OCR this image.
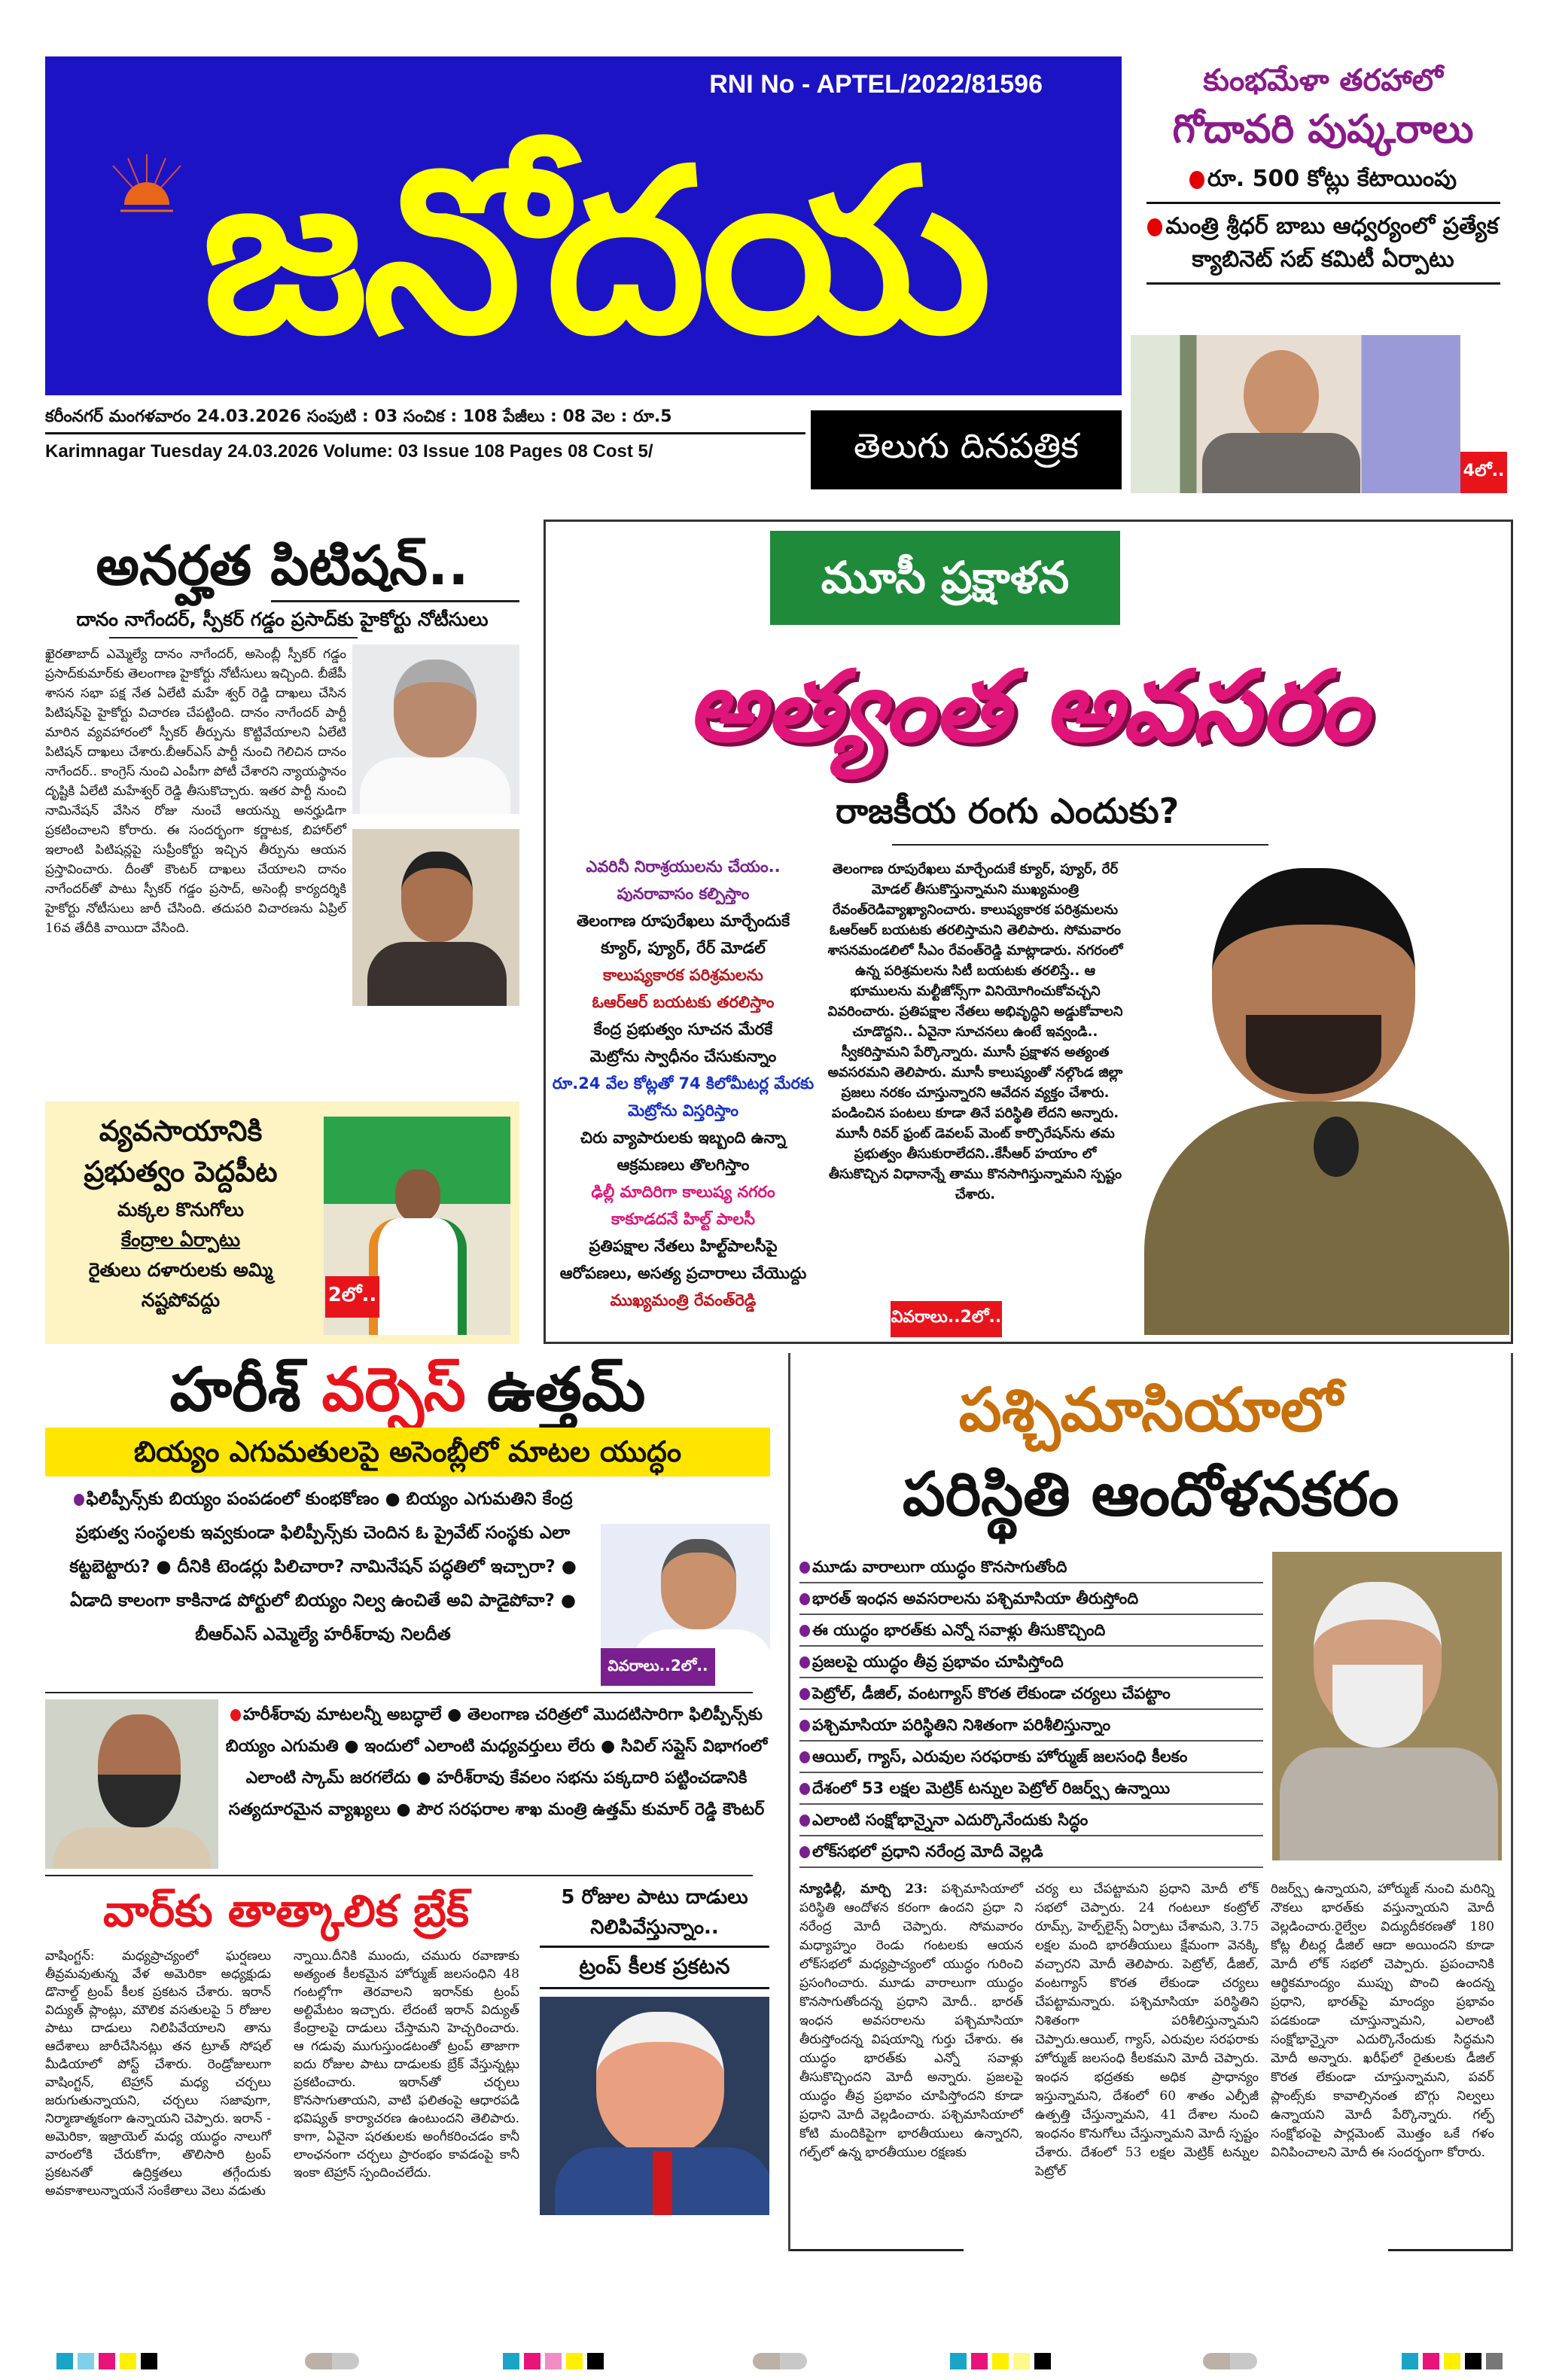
RNI No - APTEL/2022/81596
జనోదయ
కుంభమేళా తరహాలో
గోదావరి పుష్కరాలు
రూ. 500 కోట్లు కేటాయింపు
మంత్రి శ్రీధర్ బాబు ఆధ్వర్యంలో ప్రత్యేక క్యాబినెట్ సబ్ కమిటీ ఏర్పాటు
4లో..
కరీంనగర్ మంగళవారం 24.03.2026 సంపుటి : 03 సంచిక : 108 పేజీలు : 08 వెల : రూ.5
Karimnagar Tuesday 24.03.2026 Volume: 03 Issue 108 Pages 08 Cost 5/	తెలుగు దినపత్రిక
అనర్హత పిటిషన్..
దానం నాగేందర్, స్పీకర్ గడ్డం ప్రసాద్‌కు హైకోర్టు నోటీసులు
ఖైరతాబాద్ ఎమ్మెల్యే దానం నాగేందర్, అసెంబ్లీ స్పీకర్ గడ్డం ప్రసాద్‌కుమార్‌కు తెలంగాణ హైకోర్టు నోటీసులు ఇచ్చింది. బీజేపీ శాసన సభా పక్ష నేత ఏలేటి మహే శ్వర్ రెడ్డి దాఖలు చేసిన పిటిషన్‌పై హైకోర్టు విచారణ చేపట్టింది. దానం నాగేందర్ పార్టీ మారిన వ్యవహారంలో స్పీకర్ తీర్పును కొట్టివేయాలని ఏలేటి పిటిషన్ దాఖలు చేశారు.బీఆర్ఎస్ పార్టీ నుంచి గెలిచిన దానం నాగేందర్.. కాంగ్రెస్ నుంచి ఎంపీగా పోటీ చేశారని న్యాయస్థానం దృష్టికి ఏలేటి మహేశ్వర్ రెడ్డి తీసుకొచ్చారు. ఇతర పార్టీ నుంచి నామినేషన్ వేసిన రోజు నుంచే ఆయన్ను అనర్హుడిగా ప్రకటించాలని కోరారు. ఈ సందర్భంగా కర్ణాటక, బిహార్‌లో ఇలాంటి పిటిషన్లపై సుప్రీంకోర్టు ఇచ్చిన తీర్పును ఆయన ప్రస్తావించారు. దీంతో కౌంటర్ దాఖలు చేయాలని దానం నాగేందర్‌తో పాటు స్పీకర్ గడ్డం ప్రసాద్, అసెంబ్లీ కార్యదర్శికి హైకోర్టు నోటీసులు జారీ చేసింది. తదుపరి విచారణను ఏప్రిల్ 16వ తేదీకి వాయిదా వేసింది.
వ్యవసాయానికి ప్రభుత్వం పెద్దపీట
మక్కల కొనుగోలు
కేంద్రాల ఏర్పాటు
రైతులు దళారులకు అమ్మి
నష్టపోవద్దు	2లో..
మూసీ ప్రక్షాళన
అత్యంత అవసరం
రాజకీయ రంగు ఎందుకు?
ఎవరినీ నిరాశ్రయులను చేయం..
పునరావాసం కల్పిస్తాం
తెలంగాణ రూపురేఖలు మార్చేందుకే
క్యూర్, ప్యూర్, రేర్ మోడల్
కాలుష్యకారక పరిశ్రమలను
ఓఆర్ఆర్ బయటకు తరలిస్తాం
కేంద్ర ప్రభుత్వం సూచన మేరకే
మెట్రోను స్వాధీనం చేసుకున్నాం
రూ.24 వేల కోట్లతో 74 కిలోమీటర్ల మేరకు
మెట్రోను విస్తరిస్తాం
చిరు వ్యాపారులకు ఇబ్బంది ఉన్నా
ఆక్రమణలు తొలగిస్తాం
ఢిల్లీ మాదిరిగా కాలుష్య నగరం
కాకూడదనే హిల్ట్ పాలసీ
ప్రతిపక్షాల నేతలు హిల్ట్‌పాలసీపై
ఆరోపణలు, అసత్య ప్రచారాలు చేయొద్దు
ముఖ్యమంత్రి రేవంత్‌రెడ్డి
తెలంగాణ రూపురేఖలు మార్చేందుకే క్యూర్, ప్యూర్, రేర్ మోడల్ తీసుకొస్తున్నామని ముఖ్యమంత్రి రేవంత్‌రెడివ్యాఖ్యానించారు. కాలుష్యకారక పరిశ్రమలను ఓఆర్ఆర్ బయటకు తరలిస్తామని తెలిపారు. సోమవారం శాసనమండలిలో సీఎం రేవంత్‌రెడ్డి మాట్లాడారు. నగరంలో ఉన్న పరిశ్రమలను సిటీ బయటకు తరలిస్తే.. ఆ భూములను మల్టీజోన్స్‌గా వినియోగించుకోవచ్చని వివరించారు. ప్రతిపక్షాల నేతలు అభివృద్ధిని అడ్డుకోవాలని చూడొద్దని.. ఏవైనా సూచనలు ఉంటే ఇవ్వండి.. స్వీకరిస్తామని పేర్కొన్నారు. మూసీ ప్రక్షాళన అత్యంత అవసరమని తెలిపారు. మూసీ కాలుష్యంతో నల్గొండ జిల్లా ప్రజలు నరకం చూస్తున్నారని ఆవేదన వ్యక్తం చేశారు. పండించిన పంటలు కూడా తినే పరిస్థితి లేదని అన్నారు. మూసీ రివర్ ఫ్రంట్ డెవలప్ మెంట్ కార్పొరేషన్‌ను తమ ప్రభుత్వం తీసుకురాలేదని..కేసీఆర్ హయాం లో తీసుకొచ్చిన విధానాన్నే తాము కొనసాగిస్తున్నామని స్పష్టం చేశారు.
వివరాలు..2లో..
హరీశ్ వర్సెస్ ఉత్తమ్
బియ్యం ఎగుమతులపై అసెంబ్లీలో మాటల యుద్ధం
ఫిలిప్పీన్స్‌కు బియ్యం పంపడంలో కుంభకోణం ● బియ్యం ఎగుమతిని కేంద్ర ప్రభుత్వ సంస్థలకు ఇవ్వకుండా ఫిలిప్పీన్స్‌కు చెందిన ఓ ప్రైవేట్ సంస్థకు ఎలా కట్టబెట్టారు? ● దీనికి టెండర్లు పిలిచారా? నామినేషన్ పద్ధతిలో ఇచ్చారా? ● ఏడాది కాలంగా కాకినాడ పోర్టులో బియ్యం నిల్వ ఉంచితే అవి పాడైపోవా? ● బీఆర్ఎస్ ఎమ్మెల్యే హరీశ్‌రావు నిలదీత
వివరాలు..2లో..
హరీశ్‌రావు మాటలన్నీ అబద్ధాలే ● తెలంగాణ చరిత్రలో మొదటిసారిగా ఫిలిప్పీన్స్‌కు బియ్యం ఎగుమతి ● ఇందులో ఎలాంటి మధ్యవర్తులు లేరు ● సివిల్ సప్లైస్ విభాగంలో ఎలాంటి స్కామ్ జరగలేదు ● హరీశ్‌రావు కేవలం సభను పక్కదారి పట్టించడానికి సత్యదూరమైన వ్యాఖ్యలు ● పౌర సరఫరాల శాఖ మంత్రి ఉత్తమ్ కుమార్ రెడ్డి కౌంటర్
వార్‌కు తాత్కాలిక బ్రేక్
వాషింగ్టన్: మధ్యప్రాచ్యంలో ఘర్షణలు తీవ్రమవుతున్న వేళ అమెరికా అధ్యక్షుడు డొనాల్డ్ ట్రంప్ కీలక ప్రకటన చేశారు. ఇరాన్ విద్యుత్ ప్లాంట్లు, మౌలిక వసతులపై 5 రోజుల పాటు దాడులు నిలిపివేయాలని తాను ఆదేశాలు జారీచేసినట్లు తన ట్రూత్ సోషల్ మీడియాలో పోస్ట్ చేశారు. రెండ్రోజులుగా వాషింగ్టన్, టెహ్రాన్ మధ్య చర్చలు జరుగుతున్నాయని, చర్చలు సజావుగా, నిర్మాణాత్మకంగా ఉన్నాయని చెప్పారు. ఇరాన్ - అమెరికా, ఇజ్రాయెల్ మధ్య యుద్ధం నాలుగో వారంలోకి చేరుకోగా, తొలిసారి ట్రంప్ ప్రకటనతో ఉద్రిక్తతలు తగ్గేందుకు అవకాశాలున్నాయనే సంకేతాలు వెలు వడుతు
న్నాయి.దీనికి ముందు, చమురు రవాణాకు అత్యంత కీలకమైన హోర్ముజ్ జలసంధిని 48 గంటల్లోగా తెరవాలని ఇరాన్‌కు ట్రంప్ అల్టిమేటం ఇచ్చారు. లేదంటే ఇరాన్ విద్యుత్ కేంద్రాలపై దాడులు చేస్తామని హెచ్చరించారు. ఆ గడువు ముగుస్తుండటంతో ట్రంప్ తాజాగా ఐదు రోజుల పాటు దాడులకు బ్రేక్ వేస్తున్నట్లు ప్రకటించారు. ఇరాన్‌తో చర్చలు కొనసాగుతాయని, వాటి ఫలితంపై ఆధారపడి భవిష్యత్ కార్యాచరణ ఉంటుందని తెలిపారు. కాగా, ఏవైనా షరతులకు అంగీకరించడం కానీ లాంఛనంగా చర్చలు ప్రారంభం కావడంపై కానీ ఇంకా టెహ్రాన్ స్పందించలేదు.
5 రోజుల పాటు దాడులు నిలిపివేస్తున్నాం..
ట్రంప్ కీలక ప్రకటన
పశ్చిమాసియాలో
పరిస్థితి ఆందోళనకరం
మూడు వారాలుగా యుద్ధం కొనసాగుతోంది
భారత్ ఇంధన అవసరాలను పశ్చిమాసియా తీరుస్తోంది
ఈ యుద్ధం భారత్‌కు ఎన్నో సవాళ్లు తీసుకొచ్చింది
ప్రజలపై యుద్ధం తీవ్ర ప్రభావం చూపిస్తోంది
పెట్రోల్, డీజిల్, వంటగ్యాస్ కొరత లేకుండా చర్యలు చేపట్టాం
పశ్చిమాసియా పరిస్థితిని నిశితంగా పరిశీలిస్తున్నాం
ఆయిల్, గ్యాస్, ఎరువుల సరఫరాకు హోర్ముజ్ జలసంధి కీలకం
దేశంలో 53 లక్షల మెట్రిక్ టన్నుల పెట్రోల్ రిజర్వ్స్ ఉన్నాయి
ఎలాంటి సంక్షోభాన్నైనా ఎదుర్కొనేందుకు సిద్ధం
లోక్‌సభలో ప్రధాని నరేంద్ర మోదీ వెల్లడి
న్యూఢిల్లీ, మార్చి 23: పశ్చిమాసియాలో పరిస్థితి ఆందోళన కరంగా ఉందని ప్రధా ని నరేంద్ర మోదీ చెప్పారు. సోమవారం మధ్యాహ్నం రెండు గంటలకు ఆయన లోక్‌సభలో మధ్యప్రాచ్యంలో యుద్ధం గురించి ప్రసంగించారు. మూడు వారాలుగా యుద్ధం కొనసాగుతోందన్న ప్రధాని మోదీ.. భారత్ ఇంధన అవసరాలను పశ్చిమాసియా తీరుస్తోందన్న విషయాన్ని గుర్తు చేశారు. ఈ యుద్ధం భారత్‌కు ఎన్నో సవాళ్లు తీసుకొచ్చిందని మోదీ అన్నారు. ప్రజలపై యుద్ధం తీవ్ర ప్రభావం చూపిస్తోందని కూడా ప్రధాని మోదీ వెల్లడించారు. పశ్చిమాసియాలో కోటి మందికిపైగా భారతీయులు ఉన్నారని, గల్ఫ్‌లో ఉన్న భారతీయుల రక్షణకు
చర్య లు చేపట్టామని ప్రధాని మోదీ లోక్ సభలో చెప్పారు. 24 గంటలూ కంట్రోల్ రూమ్స్, హెల్ప్‌లైన్స్ ఏర్పాటు చేశామని, 3.75 లక్షల మంది భారతీయులు క్షేమంగా వెనక్కి వచ్చారని మోదీ తెలిపారు. పెట్రోల్, డీజిల్, వంటగ్యాస్ కొరత లేకుండా చర్యలు చేపట్టామన్నారు. పశ్చిమాసియా పరిస్థితిని నిశితంగా పరిశీలిస్తున్నామని చెప్పారు.ఆయిల్, గ్యాస్, ఎరువుల సరఫరాకు హోర్ముజ్ జలసంధి కీలకమని మోదీ చెప్పారు. ఇంధన భద్రతకు అధిక ప్రాధాన్యం ఇస్తున్నామని, దేశంలో 60 శాతం ఎల్పీజీ ఉత్పత్తి చేస్తున్నామని, 41 దేశాల నుంచి ఇంధనం కొనుగోలు చేస్తున్నామని మోదీ స్పష్టం చేశారు. దేశంలో 53 లక్షల మెట్రిక్ టన్నుల పెట్రోల్
రిజర్వ్స్ ఉన్నాయని, హోర్ముజ్ నుంచి మరిన్ని నౌకలు భారత్‌కు వస్తున్నాయని మోదీ వెల్లడించారు.రైల్వేల విద్యుదీకరణతో 180 కోట్ల లీటర్ల డీజిల్ ఆదా అయిందని కూడా మోదీ లోక్ సభలో చెప్పారు. ప్రపంచానికి ఆర్థికమాంద్యం ముప్పు పొంచి ఉందన్న ప్రధాని, భారత్‌పై మాంద్యం ప్రభావం పడకుండా చూస్తున్నామని, ఎలాంటి సంక్షోభాన్నైనా ఎదుర్కొనేందుకు సిద్ధమని మోదీ అన్నారు. ఖరీఫ్‌లో రైతులకు డీజిల్ కొరత లేకుండా చూస్తున్నామని, పవర్ ప్లాంట్స్‌కు కావాల్సినంత బొగ్గు నిల్వలు ఉన్నాయని మోదీ పేర్కొన్నారు. గల్ఫ్ సంక్షోభంపై పార్లమెంట్ మొత్తం ఒకే గళం వినిపించాలని మోదీ ఈ సందర్భంగా కోరారు.
